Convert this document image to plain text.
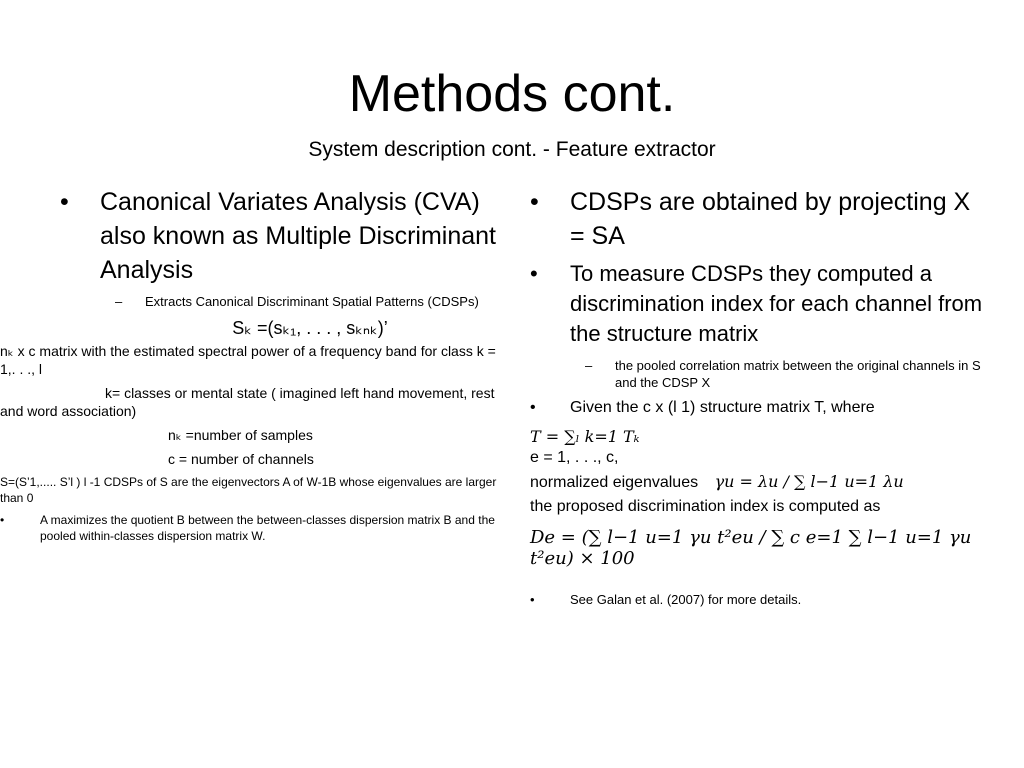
Methods cont.
System description cont. - Feature extractor
• Canonical Variates Analysis (CVA) also known as Multiple Discriminant Analysis
– Extracts Canonical Discriminant Spatial Patterns (CDSPs)
Sₖ =(sₖ₁, . . . , sₖₙₖ)’
nₖ x c matrix with the estimated spectral power of a frequency band for class k = 1,. . ., l
k= classes or mental state ( imagined left hand movement, rest and word association)
nₖ =number of samples
c = number of channels
S=(S’1,..... S’l ) l -1 CDSPs of S are the eigenvectors A of W-1B whose eigenvalues are larger than 0
•	A maximizes the quotient B between the between-classes dispersion matrix B and the pooled within-classes dispersion matrix W.
• CDSPs are obtained by projecting X = SA
• To measure CDSPs they computed a discrimination index for each channel from the structure matrix
– the pooled correlation matrix between the original channels in S and the CDSP X
• Given the c x (l 1) structure matrix T, where
T = ∑ₗ k=1 Tₖ
e = 1, . . ., c,
normalized eigenvalues γu = λu / ∑ l−1 u=1 λu
the proposed discrimination index is computed as
De = (∑ l−1 u=1 γu t²eu / ∑ c e=1 ∑ l−1 u=1 γu t²eu) × 100
•	See Galan et al. (2007) for more details.
